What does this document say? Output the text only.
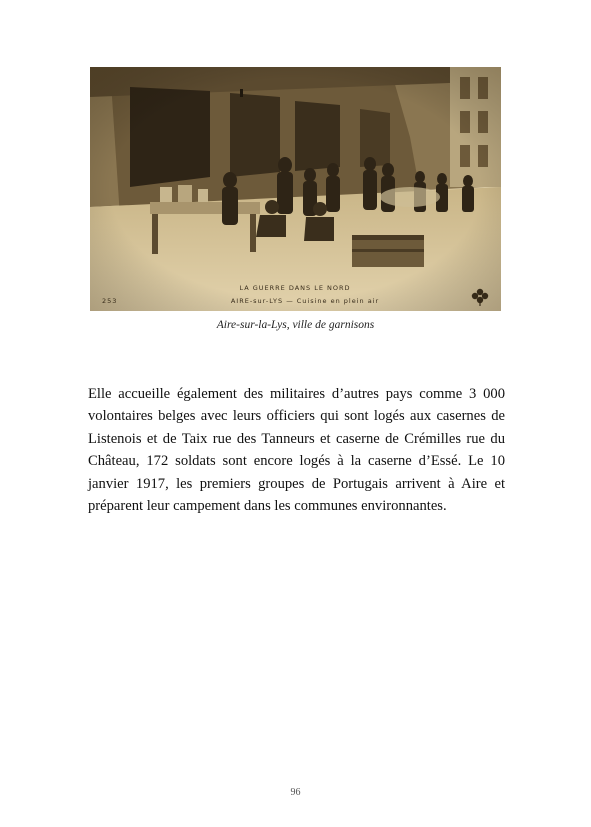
Aire-sur-la-Lys, ville de garnisons

Elle accueille également des militaires d’autres pays comme 3 000 volontaires belges avec leurs officiers qui sont logés aux casernes de Listenois et de Taix rue des Tanneurs et caserne de Crémilles rue du Château, 172 soldats sont encore logés à la caserne d’Essé. Le 10 janvier 1917, les premiers groupes de Portugais arrivent à Aire et préparent leur campement dans les communes environnantes.

96
